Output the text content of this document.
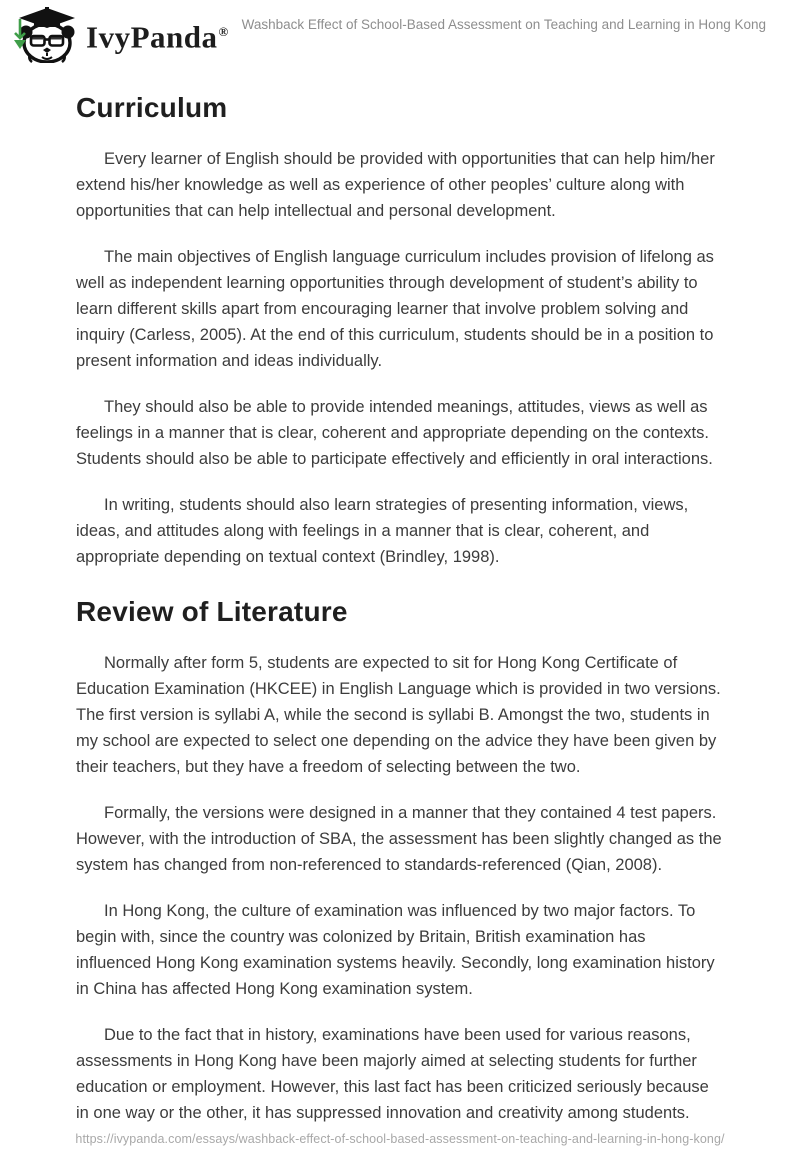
IvyPanda® Washback Effect of School-Based Assessment on Teaching and Learning in Hong Kong
Curriculum

Every learner of English should be provided with opportunities that can help him/her extend his/her knowledge as well as experience of other peoples’ culture along with opportunities that can help intellectual and personal development.

The main objectives of English language curriculum includes provision of lifelong as well as independent learning opportunities through development of student’s ability to learn different skills apart from encouraging learner that involve problem solving and inquiry (Carless, 2005). At the end of this curriculum, students should be in a position to present information and ideas individually.

They should also be able to provide intended meanings, attitudes, views as well as feelings in a manner that is clear, coherent and appropriate depending on the contexts. Students should also be able to participate effectively and efficiently in oral interactions.

In writing, students should also learn strategies of presenting information, views, ideas, and attitudes along with feelings in a manner that is clear, coherent, and appropriate depending on textual context (Brindley, 1998).

Review of Literature

Normally after form 5, students are expected to sit for Hong Kong Certificate of Education Examination (HKCEE) in English Language which is provided in two versions. The first version is syllabi A, while the second is syllabi B. Amongst the two, students in my school are expected to select one depending on the advice they have been given by their teachers, but they have a freedom of selecting between the two.

Formally, the versions were designed in a manner that they contained 4 test papers. However, with the introduction of SBA, the assessment has been slightly changed as the system has changed from non-referenced to standards-referenced (Qian, 2008).

In Hong Kong, the culture of examination was influenced by two major factors. To begin with, since the country was colonized by Britain, British examination has influenced Hong Kong examination systems heavily. Secondly, long examination history in China has affected Hong Kong examination system.

Due to the fact that in history, examinations have been used for various reasons, assessments in Hong Kong have been majorly aimed at selecting students for further education or employment. However, this last fact has been criticized seriously because in one way or the other, it has suppressed innovation and creativity among students.

https://ivypanda.com/essays/washback-effect-of-school-based-assessment-on-teaching-and-learning-in-hong-kong/
